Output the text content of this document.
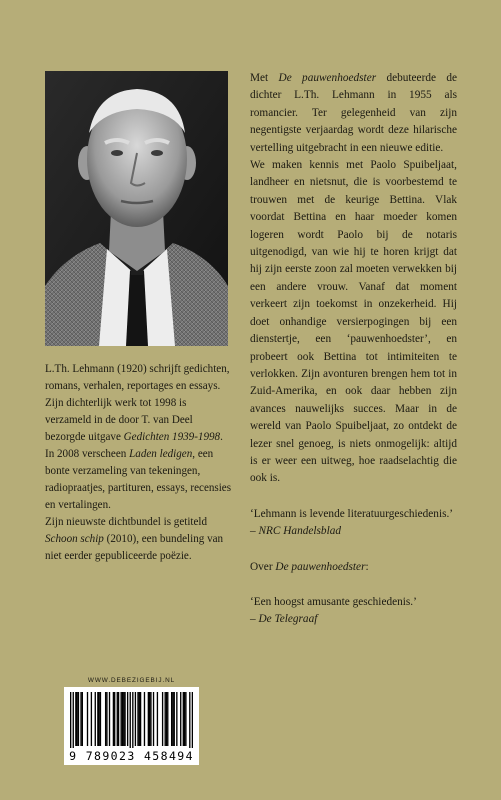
L.Th. Lehmann (1920) schrijft gedichten, romans, verhalen, reportages en essays. Zijn dichterlijk werk tot 1998 is verzameld in de door T. van Deel bezorgde uitgave Gedichten 1939-1998.

In 2008 verscheen Laden ledigen, een bonte verzameling van tekeningen, radiopraatjes, partituren, essays, recensies en vertalingen.

Zijn nieuwste dichtbundel is getiteld Schoon schip (2010), een bundeling van niet eerder gepubliceerde poëzie.

Met De pauwenhoedster debuteerde de dichter L.Th. Lehmann in 1955 als romancier. Ter gelegenheid van zijn negentigste verjaardag wordt deze hilarische vertelling uitgebracht in een nieuwe editie.

We maken kennis met Paolo Spuibeljaat, landheer en nietsnut, die is voorbestemd te trouwen met de keurige Bettina. Vlak voordat Bettina en haar moeder komen logeren wordt Paolo bij de notaris uitgenodigd, van wie hij te horen krijgt dat hij zijn eerste zoon zal moeten verwekken bij een andere vrouw. Vanaf dat moment verkeert zijn toekomst in onzekerheid. Hij doet onhandige versierpogingen bij een dienstertje, een ‘pauwenhoedster’, en probeert ook Bettina tot intimiteiten te verlokken. Zijn avonturen brengen hem tot in Zuid-Amerika, en ook daar hebben zijn avances nauwelijks succes. Maar in de wereld van Paolo Spuibeljaat, zo ontdekt de lezer snel genoeg, is niets onmogelijk: altijd is er weer een uitweg, hoe raadselachtig die ook is.

‘Lehmann is levende literatuurgeschiedenis.’ – NRC Handelsblad

Over De pauwenhoedster:

‘Een hoogst amusante geschiedenis.’
– De Telegraaf

WWW.DEBEZIGEBIJ.NL
9 789023 458494
